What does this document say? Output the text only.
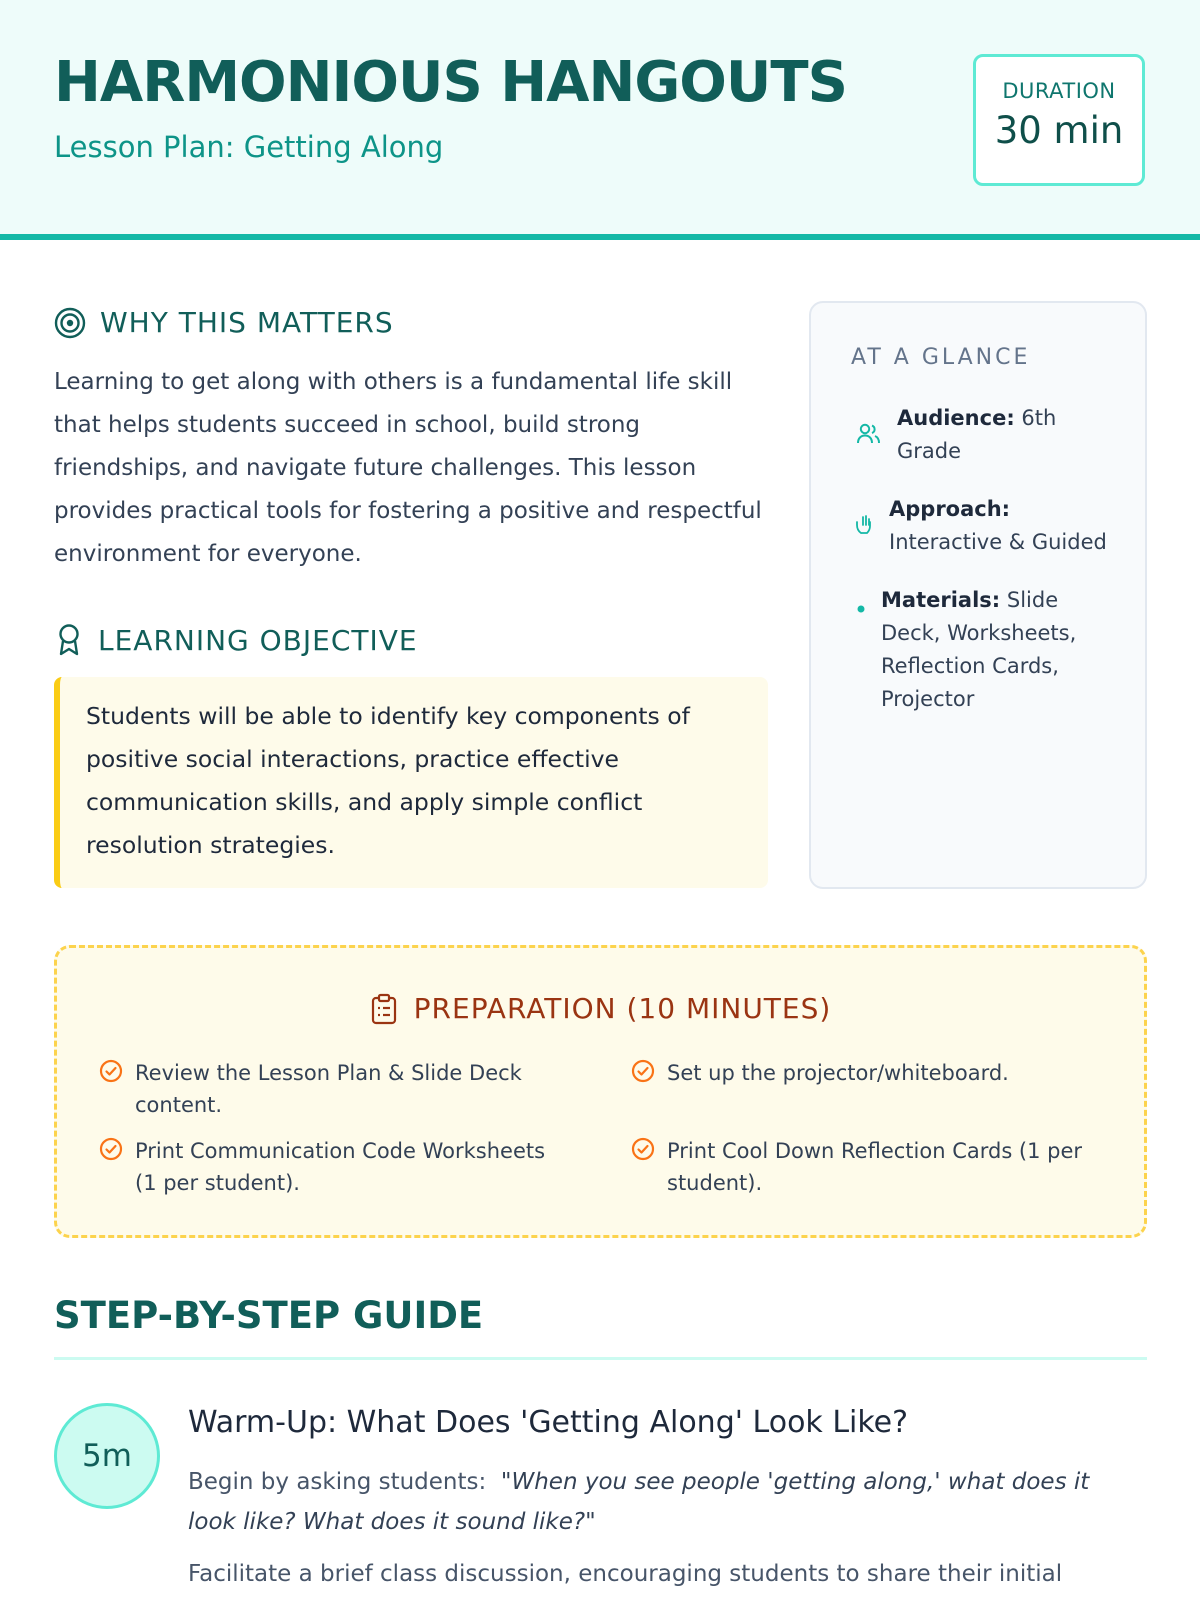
HARMONIOUS HANGOUTS

Lesson Plan: Getting Along

DURATION
30 min
WHY THIS MATTERS

Learning to get along with others is a fundamental life skill that helps students succeed in school, build strong friendships, and navigate future challenges. This lesson provides practical tools for fostering a positive and respectful environment for everyone.

LEARNING OBJECTIVE

Students will be able to identify key components of positive social interactions, practice effective communication skills, and apply simple conflict resolution strategies.

AT A GLANCE
Audience: 6th Grade
Approach: Interactive & Guided
Materials: Slide Deck, Worksheets, Reflection Cards, Projector
PREPARATION (10 MINUTES)
Review the Lesson Plan & Slide Deck content.
Set up the projector/whiteboard.
Print Communication Code Worksheets (1 per student).
Print Cool Down Reflection Cards (1 per student).
STEP-BY-STEP GUIDE
5m
Warm-Up: What Does 'Getting Along' Look Like?

Begin by asking students: "When you see people 'getting along,' what does it look like? What does it sound like?"

Facilitate a brief class discussion, encouraging students to share their initial
